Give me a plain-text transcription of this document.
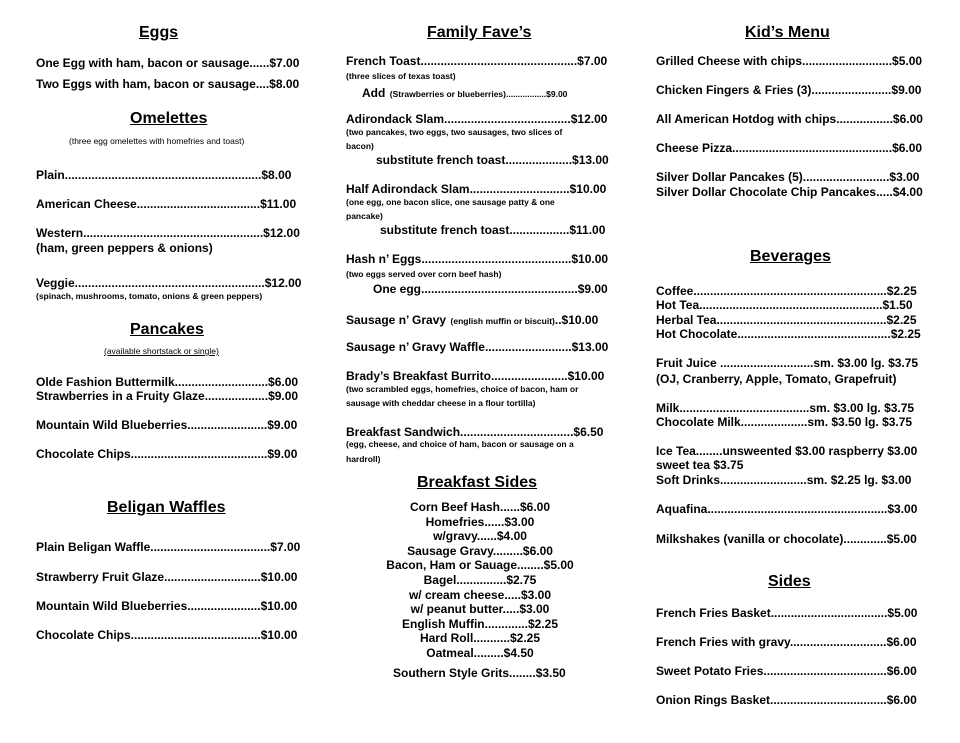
Eggs
One Egg with ham, bacon or sausage......$7.00
Two Eggs with ham, bacon or sausage....$8.00
Omelettes
(three egg omelettes with homefries and toast)
Plain...........................................................$8.00
American Cheese.....................................$11.00
Western......................................................$12.00
(ham, green peppers & onions)
Veggie.........................................................$12.00
(spinach, mushrooms, tomato, onions & green peppers)
Pancakes
(available shortstack or single)
Olde Fashion Buttermilk............................$6.00
Strawberries in a Fruity Glaze...................$9.00
Mountain Wild Blueberries........................$9.00
Chocolate Chips.........................................$9.00
Beligan Waffles
Plain Beligan Waffle....................................$7.00
Strawberry Fruit Glaze.............................$10.00
Mountain Wild Blueberries......................$10.00
Chocolate Chips.......................................$10.00
Family Fave’s
French Toast...............................................$7.00
(three slices of texas toast)
Add (Strawberries or blueberries).................$9.00
Adirondack Slam......................................$12.00
(two pancakes, two eggs, two sausages, two slices of
bacon)
substitute french toast....................$13.00
Half Adirondack Slam..............................$10.00
(one egg, one bacon slice, one sausage patty & one
pancake)
substitute french toast..................$11.00
Hash n’ Eggs.............................................$10.00
(two eggs served over corn beef hash)
One egg...............................................$9.00
Sausage n’ Gravy (english muffin or biscuit)..$10.00
Sausage n’ Gravy Waffle..........................$13.00
Brady’s Breakfast Burrito.......................$10.00
(two scrambled eggs, homefries, choice of bacon, ham or
sausage with cheddar cheese in a flour tortilla)
Breakfast Sandwich..................................$6.50
(egg, cheese, and choice of ham, bacon or sausage on a
hardroll)
Breakfast Sides
Corn Beef Hash......$6.00
Homefries......$3.00
w/gravy......$4.00
Sausage Gravy.........$6.00
Bacon, Ham or Sauage........$5.00
Bagel...............$2.75
w/ cream cheese.....$3.00
w/ peanut butter.....$3.00
English Muffin.............$2.25
Hard Roll...........$2.25
Oatmeal.........$4.50
Southern Style Grits........$3.50
Kid’s Menu
Grilled Cheese with chips...........................$5.00
Chicken Fingers & Fries (3)........................$9.00
All American Hotdog with chips.................$6.00
Cheese Pizza................................................$6.00
Silver Dollar Pancakes (5)..........................$3.00
Silver Dollar Chocolate Chip Pancakes.....$4.00
Beverages
Coffee..........................................................$2.25
Hot Tea.......................................................$1.50
Herbal Tea...................................................$2.25
Hot Chocolate..............................................$2.25
Fruit Juice ............................sm. $3.00 lg. $3.75
(OJ, Cranberry, Apple, Tomato, Grapefruit)
Milk.......................................sm. $3.00 lg. $3.75
Chocolate Milk....................sm. $3.50 lg. $3.75
Ice Tea........unsweented $3.00 raspberry $3.00
sweet tea $3.75
Soft Drinks..........................sm. $2.25 lg. $3.00
Aquafina......................................................$3.00
Milkshakes (vanilla or chocolate).............$5.00
Sides
French Fries Basket...................................$5.00
French Fries with gravy.............................$6.00
Sweet Potato Fries.....................................$6.00
Onion Rings Basket...................................$6.00
